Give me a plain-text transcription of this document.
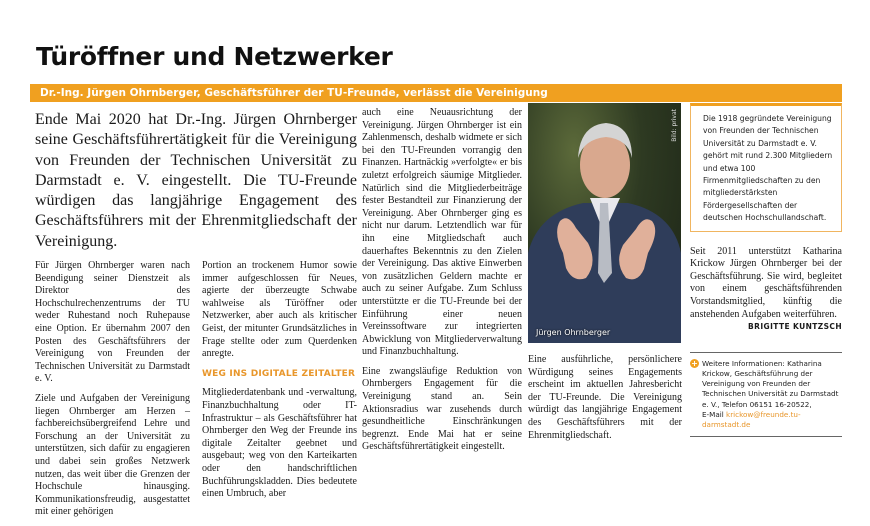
Türöffner und Netzwerker
Dr.-Ing. Jürgen Ohrnberger, Geschäftsführer der TU-Freunde, verlässt die Vereinigung
Ende Mai 2020 hat Dr.-Ing. Jürgen Ohrnberger seine Geschäftsführertätigkeit für die Vereinigung von Freunden der Technischen Universität zu Darmstadt e. V. eingestellt. Die TU-Freunde würdigen das langjährige Engagement des Geschäftsführers mit der Ehrenmitgliedschaft der Vereinigung.

Für Jürgen Ohrnberger waren nach Beendigung seiner Dienstzeit als Direktor des Hochschulrechenzentrums der TU weder Ruhestand noch Ruhepause eine Option. Er übernahm 2007 den Posten des Geschäftsführers der Vereinigung von Freunden der Technischen Universität zu Darmstadt e. V.

Ziele und Aufgaben der Vereinigung liegen Ohrnberger am Herzen – fachbereichsübergreifend Lehre und Forschung an der Universität zu unterstützen, sich dafür zu engagieren und dabei sein großes Netzwerk nutzen, das weit über die Grenzen der Hochschule hinausging. Kommunikationsfreudig, ausgestattet mit einer gehörigen

Portion an trockenem Humor sowie immer aufgeschlossen für Neues, agierte der überzeugte Schwabe wahlweise als Türöffner oder Netzwerker, aber auch als kritischer Geist, der mitunter Grundsätzliches in Frage stellte oder zum Querdenken anregte.

WEG INS DIGITALE ZEITALTER

Mitgliederdatenbank und -verwaltung, Finanzbuchhaltung oder IT-Infrastruktur – als Geschäftsführer hat Ohrnberger den Weg der Freunde ins digitale Zeitalter geebnet und ausgebaut; weg von den Karteikarten oder den handschriftlichen Buchführungskladden. Dies bedeutete einen Umbruch, aber

auch eine Neuausrichtung der Vereinigung. Jürgen Ohrnberger ist ein Zahlenmensch, deshalb widmete er sich bei den TU-Freunden vorrangig den Finanzen. Hartnäckig »verfolgte« er bis zuletzt erfolgreich säumige Mitglieder. Natürlich sind die Mitgliederbeiträge fester Bestandteil zur Finanzierung der Vereinigung. Aber Ohrnberger ging es nicht nur darum. Letztendlich war für ihn eine Mitgliedschaft auch dauerhaftes Bekenntnis zu den Zielen der Vereinigung. Das aktive Einwerben von zusätzlichen Geldern machte er auch zu seiner Aufgabe. Zum Schluss unterstützte er die TU-Freunde bei der Einführung einer neuen Vereinssoftware zur integrierten Abwicklung von Mitgliederverwaltung und Finanzbuchhaltung.

Eine zwangsläufige Reduktion von Ohrnbergers Engagement für die Vereinigung stand an. Sein Aktionsradius war zusehends durch gesundheitliche Einschränkungen begrenzt. Ende Mai hat er seine Geschäftsführertätigkeit eingestellt.

Bild: privat
Jürgen Ohrnberger

Eine ausführliche, persönlichere Würdigung seines Engagements erscheint im aktuellen Jahresbericht der TU-Freunde. Die Vereinigung würdigt das langjährige Engagement des Geschäftsführers mit der Ehrenmitgliedschaft.

Die 1918 gegründete Vereinigung von Freunden der Technischen Universität zu Darmstadt e. V. gehört mit rund 2.300 Mitgliedern und etwa 100 Firmenmitgliedschaften zu den mitgliederstärksten Fördergesellschaften der deutschen Hochschullandschaft.

Seit 2011 unterstützt Katharina Krickow Jürgen Ohrnberger bei der Geschäftsführung. Sie wird, begleitet von einem geschäftsführenden Vorstandsmitglied, künftig die anstehenden Aufgaben weiterführen.

BRIGITTE KUNTZSCH
+ Weitere Informationen: Katharina Krickow, Geschäftsführung der Vereinigung von Freunden der Technischen Universität zu Darmstadt e. V., Telefon 06151 16-20522,
E-Mail krickow@freunde.tu-darmstadt.de
